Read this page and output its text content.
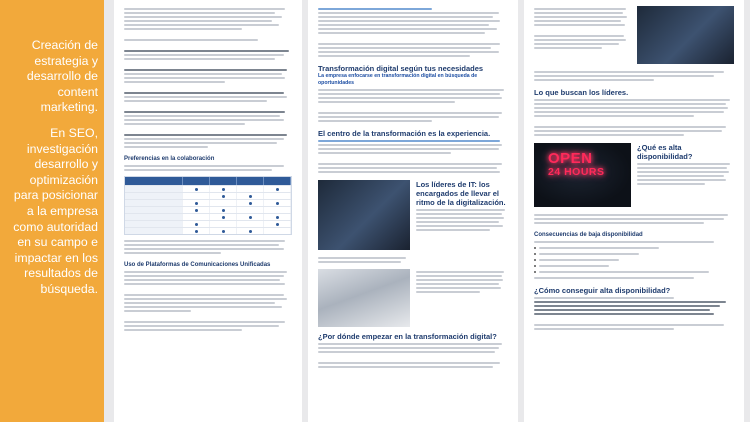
Creación de estrategia y desarrollo de content marketing.

En SEO, investigación desarrollo y optimización para posicionar a la empresa como autoridad en su campo e impactar en los resultados de búsqueda.

Preferencias en la colaboración
Uso de Plataformas de Comunicaciones Unificadas
Transformación digital según tus necesidades
La empresa enfocarse en transformación digital en búsqueda de oportunidades
El centro de la transformación es la experiencia.
Los líderes de IT: los encargados de llevar el ritmo de la digitalización.
¿Por dónde empezar en la transformación digital?
Lo que buscan los líderes.
OPEN
24 HOURS
¿Qué es alta disponibilidad?
Consecuencias de baja disponibilidad
¿Cómo conseguir alta disponibilidad?
